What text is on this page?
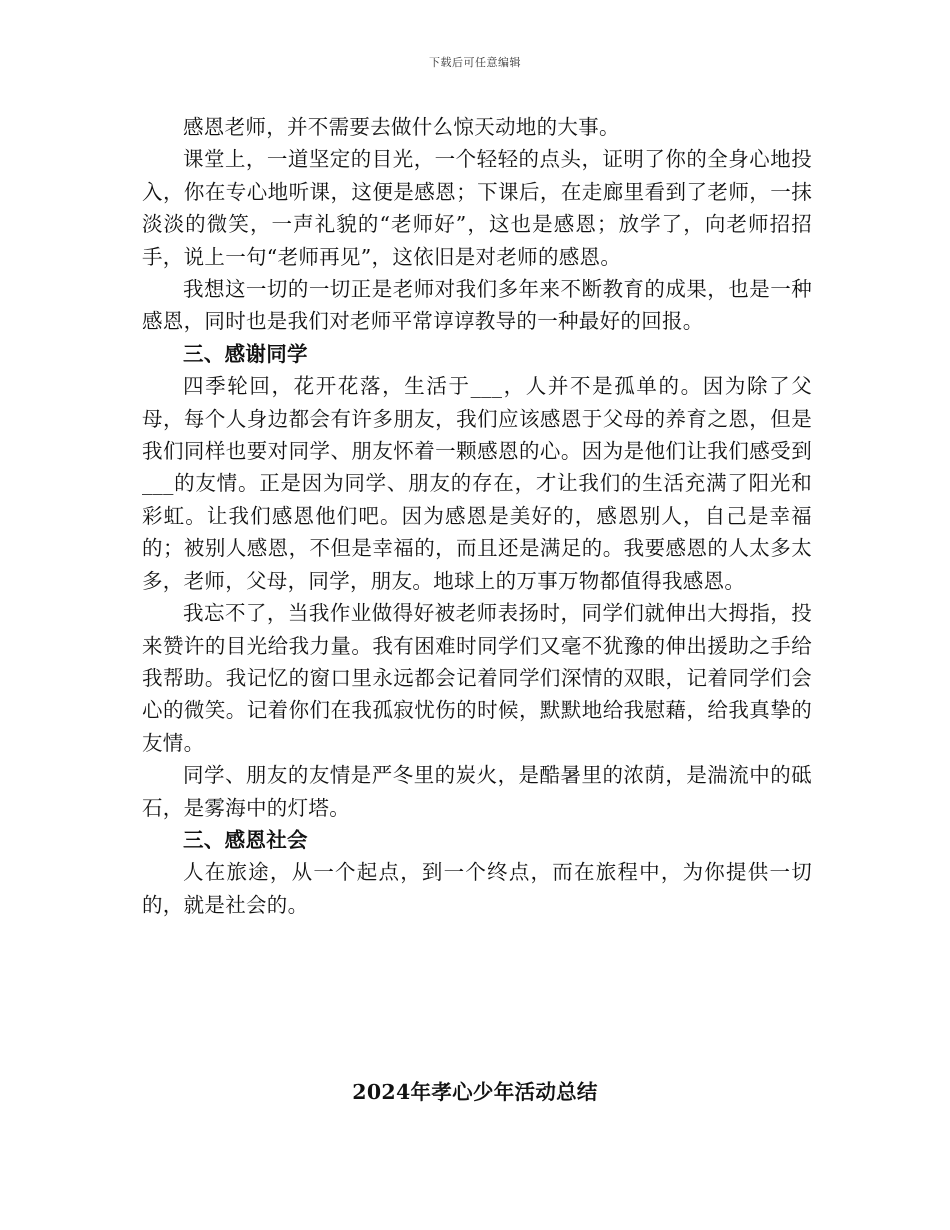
下载后可任意编辑

感恩老师，并不需要去做什么惊天动地的大事。

课堂上，一道坚定的目光，一个轻轻的点头，证明了你的全身心地投入，你在专心地听课，这便是感恩；下课后，在走廊里看到了老师，一抹淡淡的微笑，一声礼貌的“老师好”，这也是感恩；放学了，向老师招招手，说上一句“老师再见”，这依旧是对老师的感恩。

我想这一切的一切正是老师对我们多年来不断教育的成果，也是一种感恩，同时也是我们对老师平常谆谆教导的一种最好的回报。

三、感谢同学

四季轮回，花开花落，生活于___，人并不是孤单的。因为除了父母，每个人身边都会有许多朋友，我们应该感恩于父母的养育之恩，但是我们同样也要对同学、朋友怀着一颗感恩的心。因为是他们让我们感受到___的友情。正是因为同学、朋友的存在，才让我们的生活充满了阳光和彩虹。让我们感恩他们吧。因为感恩是美好的，感恩别人，自己是幸福的；被别人感恩，不但是幸福的，而且还是满足的。我要感恩的人太多太多，老师，父母，同学，朋友。地球上的万事万物都值得我感恩。

我忘不了，当我作业做得好被老师表扬时，同学们就伸出大拇指，投来赞许的目光给我力量。我有困难时同学们又毫不犹豫的伸出援助之手给我帮助。我记忆的窗口里永远都会记着同学们深情的双眼，记着同学们会心的微笑。记着你们在我孤寂忧伤的时候，默默地给我慰藉，给我真挚的友情。

同学、朋友的友情是严冬里的炭火，是酷暑里的浓荫，是湍流中的砥石，是雾海中的灯塔。

三、感恩社会

人在旅途，从一个起点，到一个终点，而在旅程中，为你提供一切的，就是社会的。

2024年孝心少年活动总结
